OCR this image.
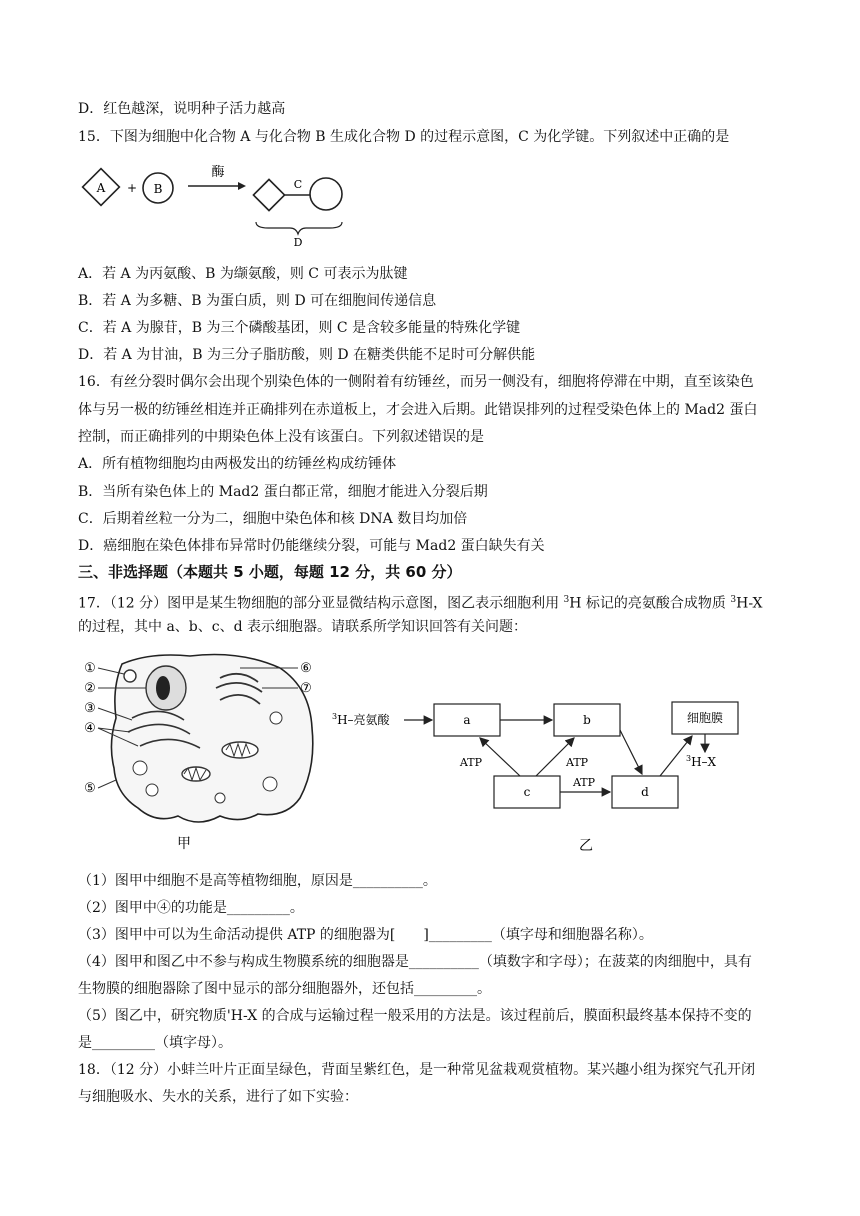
D．红色越深，说明种子活力越高
15．下图为细胞中化合物 A 与化合物 B 生成化合物 D 的过程示意图，C 为化学键。下列叙述中正确的是
A + B
酶
C
D
A．若 A 为丙氨酸、B 为缬氨酸，则 C 可表示为肽键
B．若 A 为多糖、B 为蛋白质，则 D 可在细胞间传递信息
C．若 A 为腺苷，B 为三个磷酸基团，则 C 是含较多能量的特殊化学键
D．若 A 为甘油，B 为三分子脂肪酸，则 D 在糖类供能不足时可分解供能
16．有丝分裂时偶尔会出现个别染色体的一侧附着有纺锤丝，而另一侧没有，细胞将停滞在中期，直至该染色
体与另一极的纺锤丝相连并正确排列在赤道板上，才会进入后期。此错误排列的过程受染色体上的 Mad2 蛋白
控制，而正确排列的中期染色体上没有该蛋白。下列叙述错误的是
A．所有植物细胞均由两极发出的纺锤丝构成纺锤体
B．当所有染色体上的 Mad2 蛋白都正常，细胞才能进入分裂后期
C．后期着丝粒一分为二，细胞中染色体和核 DNA 数目均加倍
D．癌细胞在染色体排布异常时仍能继续分裂，可能与 Mad2 蛋白缺失有关
三、非选择题（本题共 5 小题，每题 12 分，共 60 分）
17．（12 分）图甲是某生物细胞的部分亚显微结构示意图，图乙表示细胞利用 $^3$H 标记的亮氨酸合成物质 $^3$H-X
的过程，其中 a、b、c、d 表示细胞器。请联系所学知识回答有关问题：
①
②
③
④
⑤
⑥
⑦
甲
$^3$H–亮氨酸	a	b	细胞膜
$^3$H–X
c	d
ATP	ATP
ATP
乙
（1）图甲中细胞不是高等植物细胞，原因是__________。
（2）图甲中④的功能是_________。
（3）图甲中可以为生命活动提供 ATP 的细胞器为[　　]_________（填字母和细胞器名称）。
（4）图甲和图乙中不参与构成生物膜系统的细胞器是__________（填数字和字母）；在菠菜的肉细胞中，具有
生物膜的细胞器除了图中显示的部分细胞器外，还包括_________。
（5）图乙中，研究物质'H-X 的合成与运输过程一般采用的方法是。该过程前后，膜面积最终基本保持不变的
是_________（填字母）。
18．（12 分）小蚌兰叶片正面呈绿色，背面呈紫红色，是一种常见盆栽观赏植物。某兴趣小组为探究气孔开闭
与细胞吸水、失水的关系，进行了如下实验：
